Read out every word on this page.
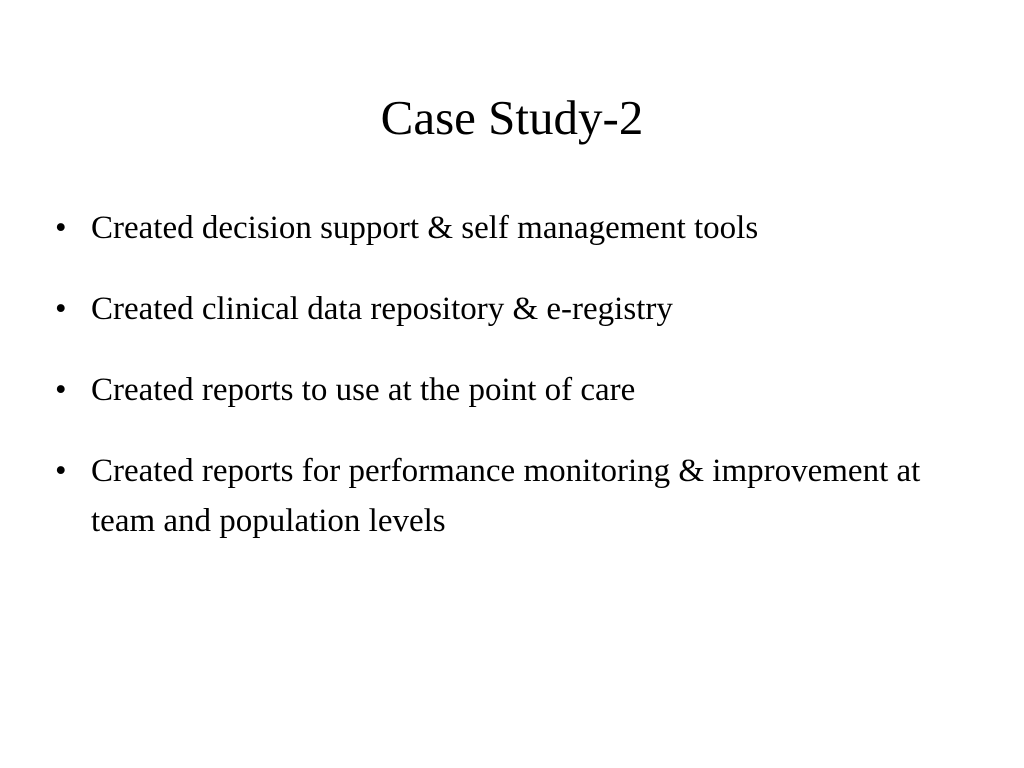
Case Study-2
• Created decision support & self management tools
• Created clinical data repository & e-registry
• Created reports to use at the point of care
• Created reports for performance monitoring & improvement at team and population levels
